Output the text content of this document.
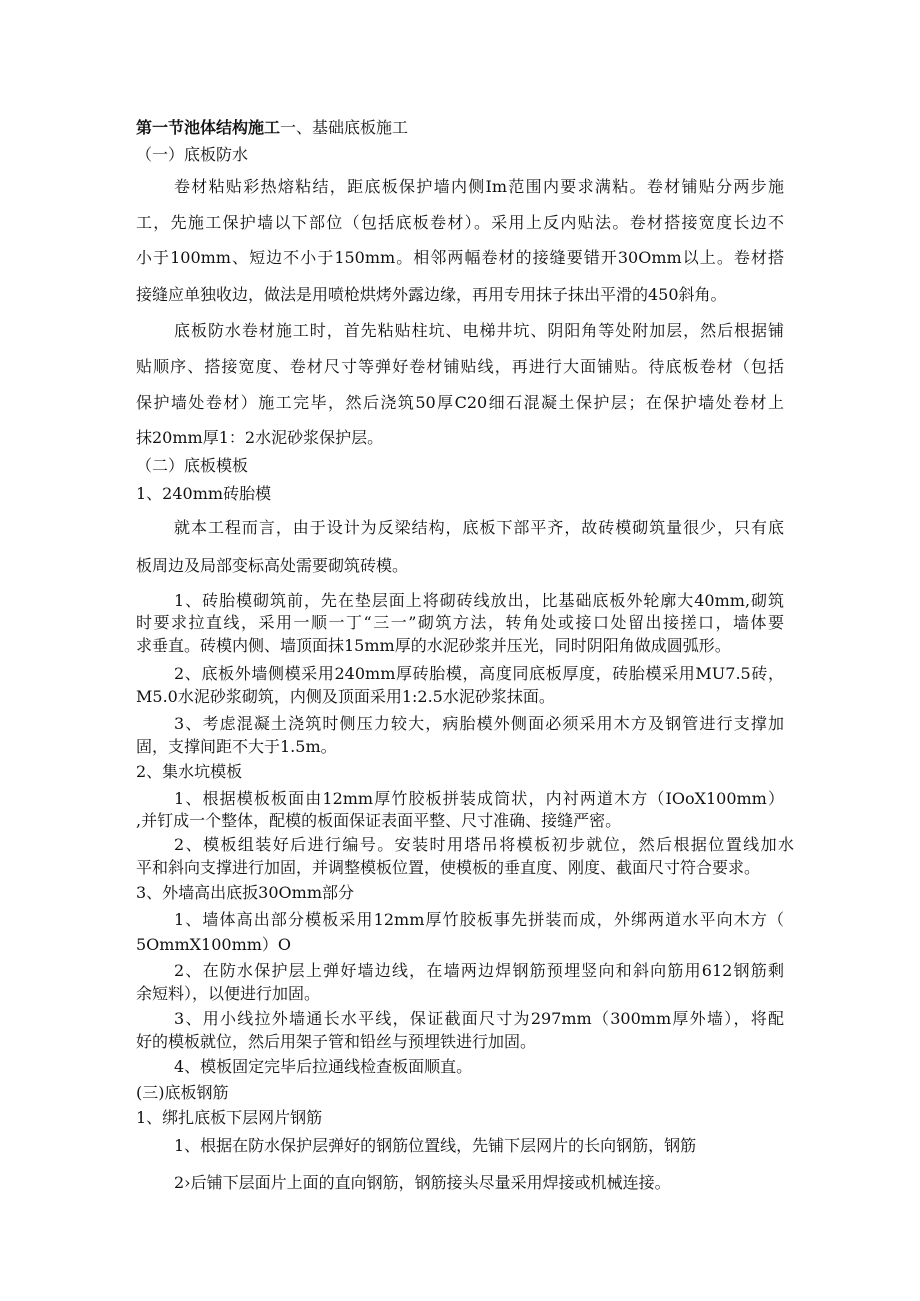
第一节池体结构施工一、基础底板施工
（一）底板防水
卷材粘贴彩热熔粘结，距底板保护墙内侧Im范围内要求满粘。卷材铺贴分两步施
工，先施工保护墙以下部位（包括底板卷材）。采用上反内贴法。卷材搭接宽度长边不
小于100mm、短边不小于150mm。相邻两幅卷材的接缝要错开30Omm以上。卷材搭
接缝应单独收边，做法是用喷枪烘烤外露边缘，再用专用抹子抹出平滑的450斜角。
底板防水卷材施工时，首先粘贴柱坑、电梯井坑、阴阳角等处附加层，然后根据铺
贴顺序、搭接宽度、卷材尺寸等弹好卷材铺贴线，再进行大面铺贴。待底板卷材（包括
保护墙处卷材）施工完毕，然后浇筑50厚C20细石混凝土保护层；在保护墙处卷材上
抹20mm厚1：2水泥砂浆保护层。
（二）底板模板
1、240mm砖胎模
就本工程而言，由于设计为反梁结构，底板下部平齐，故砖模砌筑量很少，只有底
板周边及局部变标高处需要砌筑砖模。
1、砖胎模砌筑前，先在垫层面上将砌砖线放出，比基础底板外轮廓大40mm,砌筑
时要求拉直线，采用一顺一丁“三一”砌筑方法，转角处或接口处留出接搓口，墙体要
求垂直。砖模内侧、墙顶面抹15mm厚的水泥砂浆并压光，同时阴阳角做成圆弧形。
2、底板外墙侧模采用240mm厚砖胎模，高度同底板厚度，砖胎模采用MU7.5砖，
M5.0水泥砂浆砌筑，内侧及顶面采用1:2.5水泥砂浆抹面。
3、考虑混凝土浇筑时侧压力较大，病胎模外侧面必须采用木方及钢管进行支撑加
固，支撑间距不大于1.5m。
2、集水坑模板
1、根据模板板面由12mm厚竹胶板拼装成筒状，内衬两道木方（IOoX100mm）
,并钉成一个整体，配模的板面保证表面平整、尺寸准确、接缝严密。
2、模板组装好后进行编号。安装时用塔吊将模板初步就位，然后根据位置线加水
平和斜向支撑进行加固，并调整模板位置，使模板的垂直度、刚度、截面尺寸符合要求。
3、外墙高出底扳30Omm部分
1、墙体高出部分模板采用12mm厚竹胶板事先拼装而成，外绑两道水平向木方（
5OmmX100mm）O
2、在防水保护层上弹好墙边线，在墙两边焊钢筋预埋竖向和斜向筋用612钢筋剩
余短料），以便进行加固。
3、用小线拉外墙通长水平线，保证截面尺寸为297mm（300mm厚外墙），将配
好的模板就位，然后用架子管和铅丝与预埋铁进行加固。
4、模板固定完毕后拉通线检查板面顺直。
(三)底板钢筋
1、绑扎底板下层网片钢筋
1、根据在防水保护层弹好的钢筋位置线，先铺下层网片的长向钢筋，钢筋
2›后铺下层面片上面的直向钢筋，钢筋接头尽量采用焊接或机械连接。
